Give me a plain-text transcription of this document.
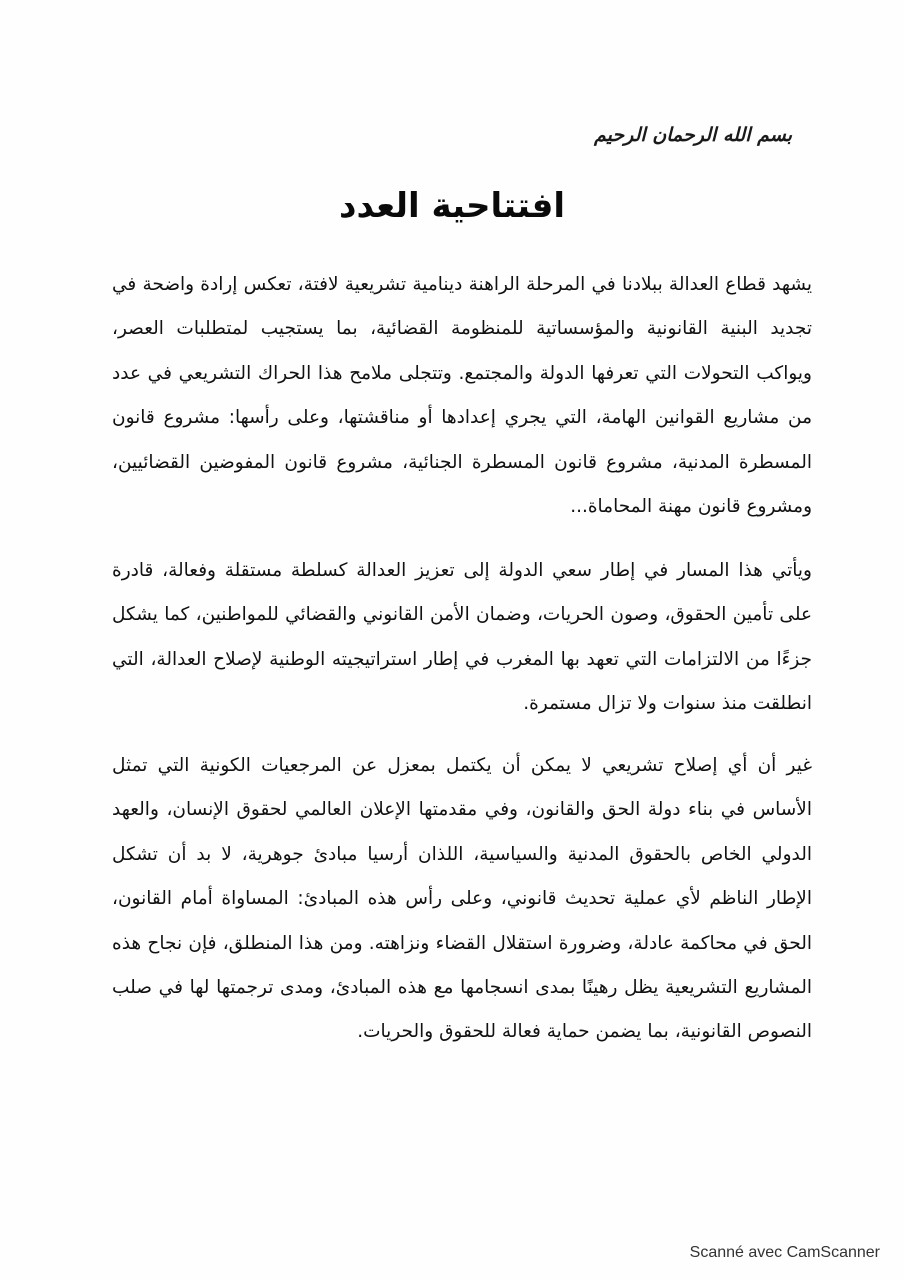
بسم الله الرحمان الرحيم
افتتاحية العدد

يشهد قطاع العدالة ببلادنا في المرحلة الراهنة دينامية تشريعية لافتة، تعكس إرادة واضحة في تجديد البنية القانونية والمؤسساتية للمنظومة القضائية، بما يستجيب لمتطلبات العصر، ويواكب التحولات التي تعرفها الدولة والمجتمع. وتتجلى ملامح هذا الحراك التشريعي في عدد من مشاريع القوانين الهامة، التي يجري إعدادها أو مناقشتها، وعلى رأسها: مشروع قانون المسطرة المدنية، مشروع قانون المسطرة الجنائية، مشروع قانون المفوضين القضائيين، ومشروع قانون مهنة المحاماة...

ويأتي هذا المسار في إطار سعي الدولة إلى تعزيز العدالة كسلطة مستقلة وفعالة، قادرة على تأمين الحقوق، وصون الحريات، وضمان الأمن القانوني والقضائي للمواطنين، كما يشكل جزءًا من الالتزامات التي تعهد بها المغرب في إطار استراتيجيته الوطنية لإصلاح العدالة، التي انطلقت منذ سنوات ولا تزال مستمرة.

غير أن أي إصلاح تشريعي لا يمكن أن يكتمل بمعزل عن المرجعيات الكونية التي تمثل الأساس في بناء دولة الحق والقانون، وفي مقدمتها الإعلان العالمي لحقوق الإنسان، والعهد الدولي الخاص بالحقوق المدنية والسياسية، اللذان أرسيا مبادئ جوهرية، لا بد أن تشكل الإطار الناظم لأي عملية تحديث قانوني، وعلى رأس هذه المبادئ: المساواة أمام القانون، الحق في محاكمة عادلة، وضرورة استقلال القضاء ونزاهته. ومن هذا المنطلق، فإن نجاح هذه المشاريع التشريعية يظل رهينًا بمدى انسجامها مع هذه المبادئ، ومدى ترجمتها لها في صلب النصوص القانونية، بما يضمن حماية فعالة للحقوق والحريات.

Scanné avec CamScanner
